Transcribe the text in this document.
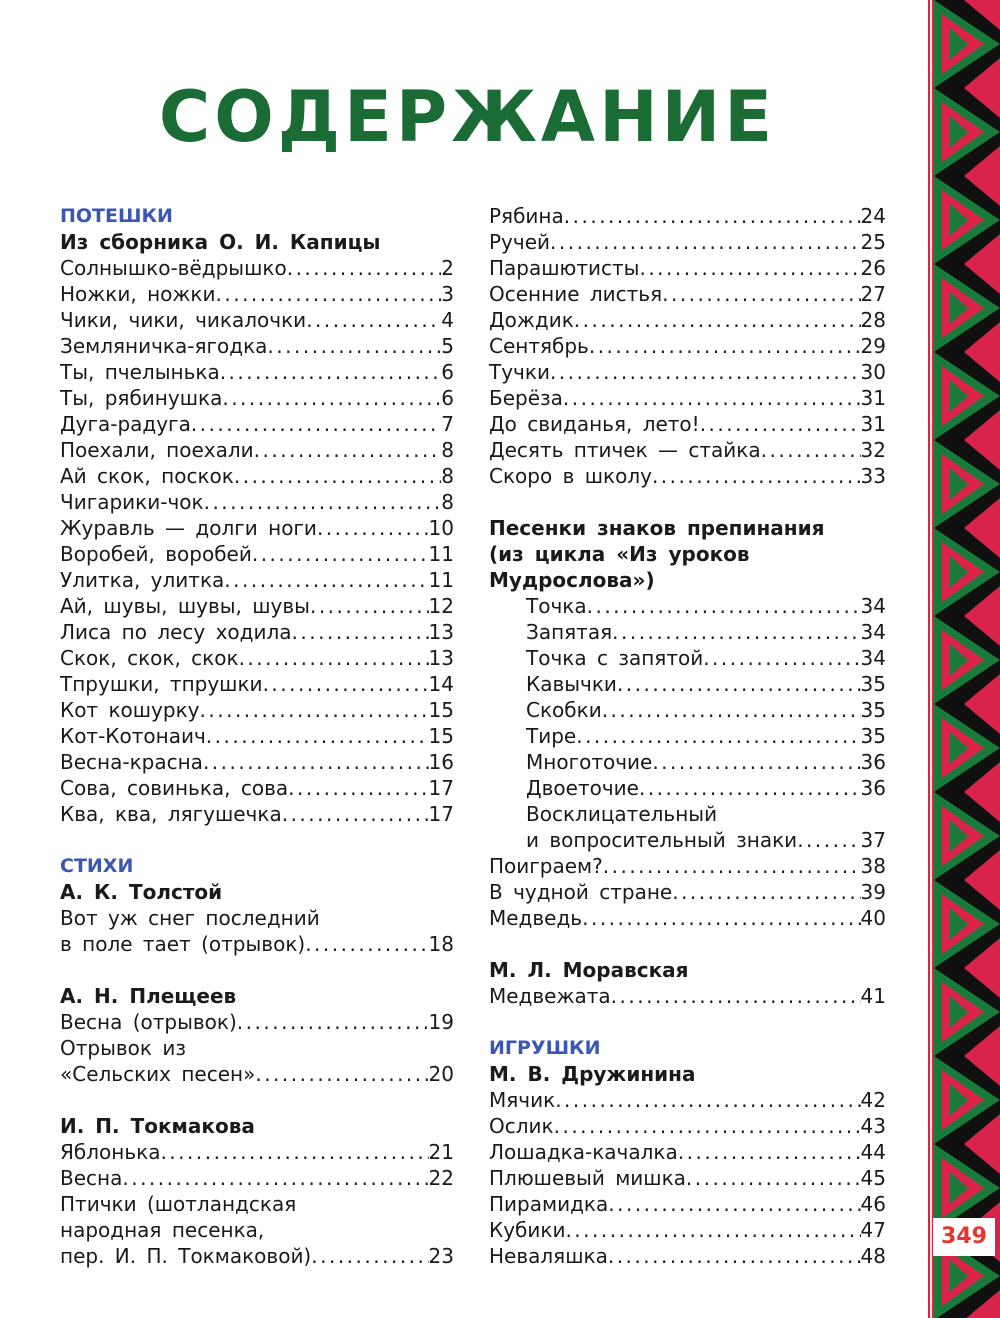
СОДЕРЖАНИЕ
ПОТЕШКИ
Из сборника О. И. Капицы
Солнышко-вёдрышко .....	2
Ножки, ножки .....	3
Чики, чики, чикалочки .....	4
Земляничка-ягодка .....	5
Ты, пчелынька .....	6
Ты, рябинушка .....	6
Дуга-радуга .....	7
Поехали, поехали .....	8
Ай скок, поскок .....	8
Чигарики-чок .....	8
Журавль — долги ноги .....	10
Воробей, воробей .....	11
Улитка, улитка .....	11
Ай, шувы, шувы, шувы .....	12
Лиса по лесу ходила .....	13
Скок, скок, скок .....	13
Тпрушки, тпрушки .....	14
Кот кошурку .....	15
Кот-Котонаич .....	15
Весна-красна .....	16
Сова, совинька, сова .....	17
Ква, ква, лягушечка .....	17
СТИХИ
А. К. Толстой
Вот уж снег последний
в поле тает (отрывок) .....	18
А. Н. Плещеев
Весна (отрывок) .....	19
Отрывок из
«Сельских песен» .....	20
И. П. Токмакова
Яблонька .....	21
Весна .....	22
Птички (шотландская
народная песенка,
пер. И. П. Токмаковой) .....	23
Рябина .....	24
Ручей .....	25
Парашютисты .....	26
Осенние листья .....	27
Дождик .....	28
Сентябрь .....	29
Тучки .....	30
Берёза .....	31
До свиданья, лето! .....	31
Десять птичек — стайка .....	32
Скоро в школу .....	33
Песенки знаков препинания
(из цикла «Из уроков
Мудрослова»)
Точка .....	34
Запятая .....	34
Точка с запятой .....	34
Кавычки .....	35
Скобки .....	35
Тире .....	35
Многоточие .....	36
Двоеточие .....	36
Восклицательный
и вопросительный знаки .....	37
Поиграем? .....	38
В чудной стране .....	39
Медведь .....	40
М. Л. Моравская
Медвежата .....	41
ИГРУШКИ
М. В. Дружинина
Мячик .....	42
Ослик .....	43
Лошадка-качалка .....	44
Плюшевый мишка .....	45
Пирамидка .....	46
Кубики .....	47
Неваляшка .....	48
349
